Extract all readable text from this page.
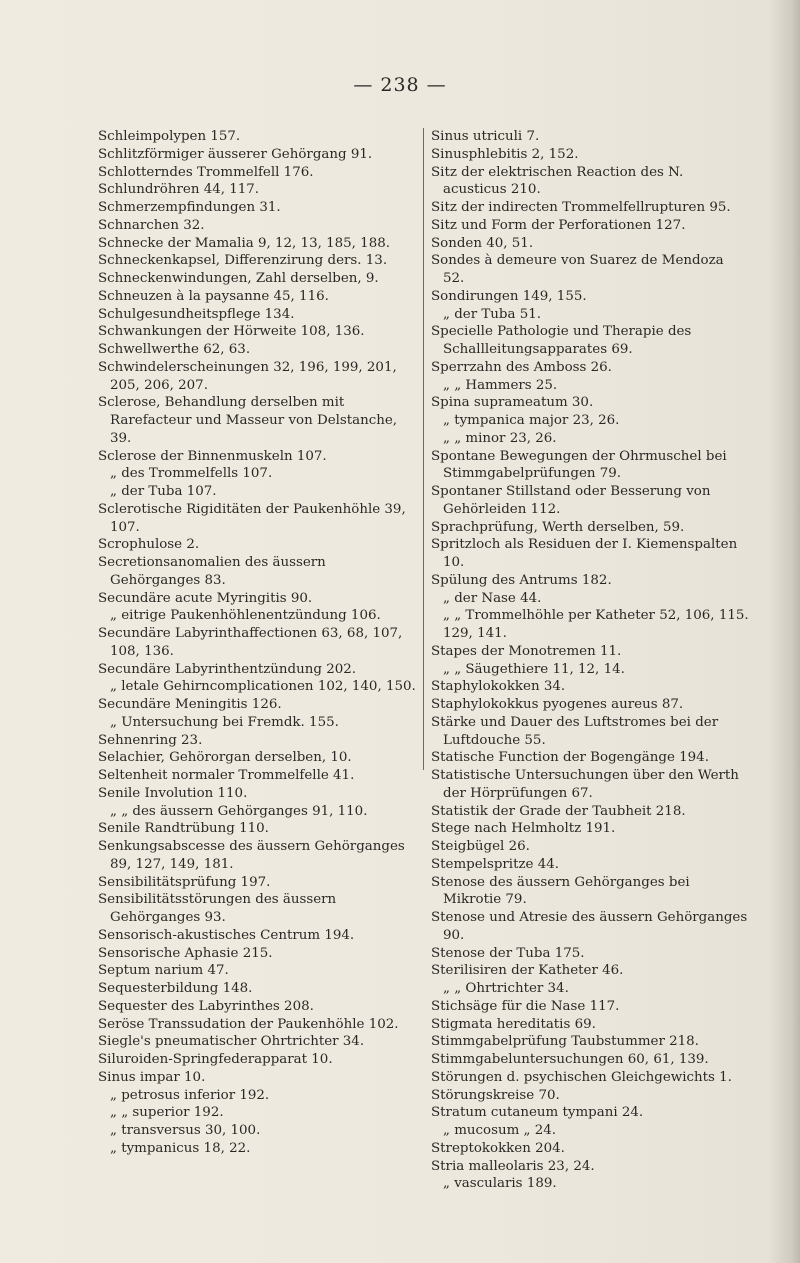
— 238 —
Schleimpolypen 157.
Schlitzförmiger äusserer Gehörgang 91.
Schlotterndes Trommelfell 176.
Schlundröhren 44, 117.
Schmerzempfindungen 31.
Schnarchen 32.
Schnecke der Mamalia 9, 12, 13, 185, 188.
Schneckenkapsel, Differenzirung ders. 13.
Schneckenwindungen, Zahl derselben, 9.
Schneuzen à la paysanne 45, 116.
Schulgesundheitspflege 134.
Schwankungen der Hörweite 108, 136.
Schwellwerthe 62, 63.
Schwindelerscheinungen 32, 196, 199, 201, 205, 206, 207.
Sclerose, Behandlung derselben mit Rarefacteur und Masseur von Delstanche, 39.
Sclerose der Binnenmuskeln 107.
„ des Trommelfells 107.
„ der Tuba 107.
Sclerotische Rigiditäten der Paukenhöhle 39, 107.
Scrophulose 2.
Secretionsanomalien des äussern Gehörganges 83.
Secundäre acute Myringitis 90.
„ eitrige Paukenhöhlenentzündung 106.
Secundäre Labyrinthaffectionen 63, 68, 107, 108, 136.
Secundäre Labyrinthentzündung 202.
„ letale Gehirncomplicationen 102, 140, 150.
Secundäre Meningitis 126.
„ Untersuchung bei Fremdk. 155.
Sehnenring 23.
Selachier, Gehörorgan derselben, 10.
Seltenheit normaler Trommelfelle 41.
Senile Involution 110.
„ „ des äussern Gehörganges 91, 110.
Senile Randtrübung 110.
Senkungsabscesse des äussern Gehörganges 89, 127, 149, 181.
Sensibilitätsprüfung 197.
Sensibilitätsstörungen des äussern Gehörganges 93.
Sensorisch-akustisches Centrum 194.
Sensorische Aphasie 215.
Septum narium 47.
Sequesterbildung 148.
Sequester des Labyrinthes 208.
Seröse Transsudation der Paukenhöhle 102.
Siegle's pneumatischer Ohrtrichter 34.
Siluroiden-Springfederapparat 10.
Sinus impar 10.
„ petrosus inferior 192.
„ „ superior 192.
„ transversus 30, 100.
„ tympanicus 18, 22.
Sinus utriculi 7.
Sinusphlebitis 2, 152.
Sitz der elektrischen Reaction des N. acusticus 210.
Sitz der indirecten Trommelfellrupturen 95.
Sitz und Form der Perforationen 127.
Sonden 40, 51.
Sondes à demeure von Suarez de Mendoza 52.
Sondirungen 149, 155.
„ der Tuba 51.
Specielle Pathologie und Therapie des Schallleitungsapparates 69.
Sperrzahn des Amboss 26.
„ „ Hammers 25.
Spina suprameatum 30.
„ tympanica major 23, 26.
„ „ minor 23, 26.
Spontane Bewegungen der Ohrmuschel bei Stimmgabelprüfungen 79.
Spontaner Stillstand oder Besserung von Gehörleiden 112.
Sprachprüfung, Werth derselben, 59.
Spritzloch als Residuen der I. Kiemenspalten 10.
Spülung des Antrums 182.
„ der Nase 44.
„ „ Trommelhöhle per Katheter 52, 106, 115. 129, 141.
Stapes der Monotremen 11.
„ „ Säugethiere 11, 12, 14.
Staphylokokken 34.
Staphylokokkus pyogenes aureus 87.
Stärke und Dauer des Luftstromes bei der Luftdouche 55.
Statische Function der Bogengänge 194.
Statistische Untersuchungen über den Werth der Hörprüfungen 67.
Statistik der Grade der Taubheit 218.
Stege nach Helmholtz 191.
Steigbügel 26.
Stempelspritze 44.
Stenose des äussern Gehörganges bei Mikrotie 79.
Stenose und Atresie des äussern Gehörganges 90.
Stenose der Tuba 175.
Sterilisiren der Katheter 46.
„ „ Ohrtrichter 34.
Stichsäge für die Nase 117.
Stigmata hereditatis 69.
Stimmgabelprüfung Taubstummer 218.
Stimmgabeluntersuchungen 60, 61, 139.
Störungen d. psychischen Gleichgewichts 1.
Störungskreise 70.
Stratum cutaneum tympani 24.
„ mucosum „ 24.
Streptokokken 204.
Stria malleolaris 23, 24.
„ vascularis 189.
